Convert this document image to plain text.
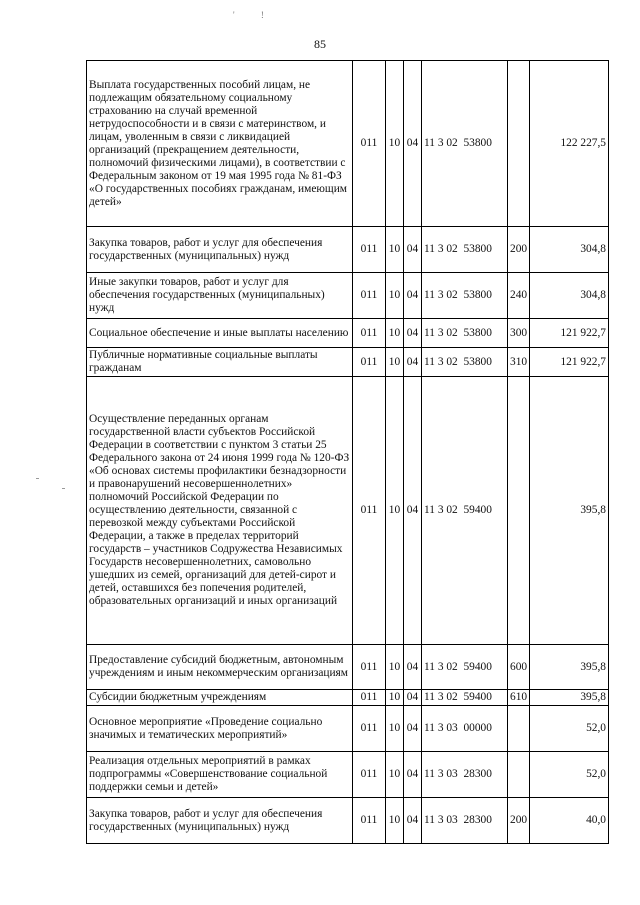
' !
85
Выплата государственных пособий лицам, не подлежащим обязательному социальному страхованию на случай временной нетрудоспособности и в связи с материнством, и лицам, уволенным в связи с ликвидацией организаций (прекращением деятельности, полномочий физическими лицами), в соответствии с Федеральным законом от 19 мая 1995 года № 81-ФЗ «О государственных пособиях гражданам, имеющим детей»	011	10	04	11 3 02  53800		122 227,5
Закупка товаров, работ и услуг для обеспечения государственных (муниципальных) нужд	011	10	04	11 3 02  53800	200	304,8
Иные закупки товаров, работ и услуг для обеспечения государственных (муниципальных) нужд	011	10	04	11 3 02  53800	240	304,8
Социальное обеспечение и иные выплаты населению	011	10	04	11 3 02  53800	300	121 922,7
Публичные нормативные социальные выплаты гражданам	011	10	04	11 3 02  53800	310	121 922,7
Осуществление переданных органам государственной власти субъектов Российской Федерации в соответствии с пунктом 3 статьи 25 Федерального закона от 24 июня 1999 года № 120-ФЗ «Об основах системы профилактики безнадзорности и правонарушений несовершеннолетних» полномочий Российской Федерации по осуществлению деятельности, связанной с перевозкой между субъектами Российской Федерации, а также в пределах территорий государств – участников Содружества Независимых Государств несовершеннолетних, самовольно ушедших из семей, организаций для детей-сирот и детей, оставшихся без попечения родителей, образовательных организаций и иных организаций	011	10	04	11 3 02  59400		395,8
Предоставление субсидий бюджетным, автономным учреждениям и иным некоммерческим организациям	011	10	04	11 3 02  59400	600	395,8
Субсидии бюджетным учреждениям	011	10	04	11 3 02  59400	610	395,8
Основное мероприятие «Проведение социально значимых и тематических мероприятий»	011	10	04	11 3 03  00000		52,0
Реализация отдельных мероприятий в рамках подпрограммы «Совершенствование социальной поддержки семьи и детей»	011	10	04	11 3 03  28300		52,0
Закупка товаров, работ и услуг для обеспечения государственных (муниципальных) нужд	011	10	04	11 3 03  28300	200	40,0
